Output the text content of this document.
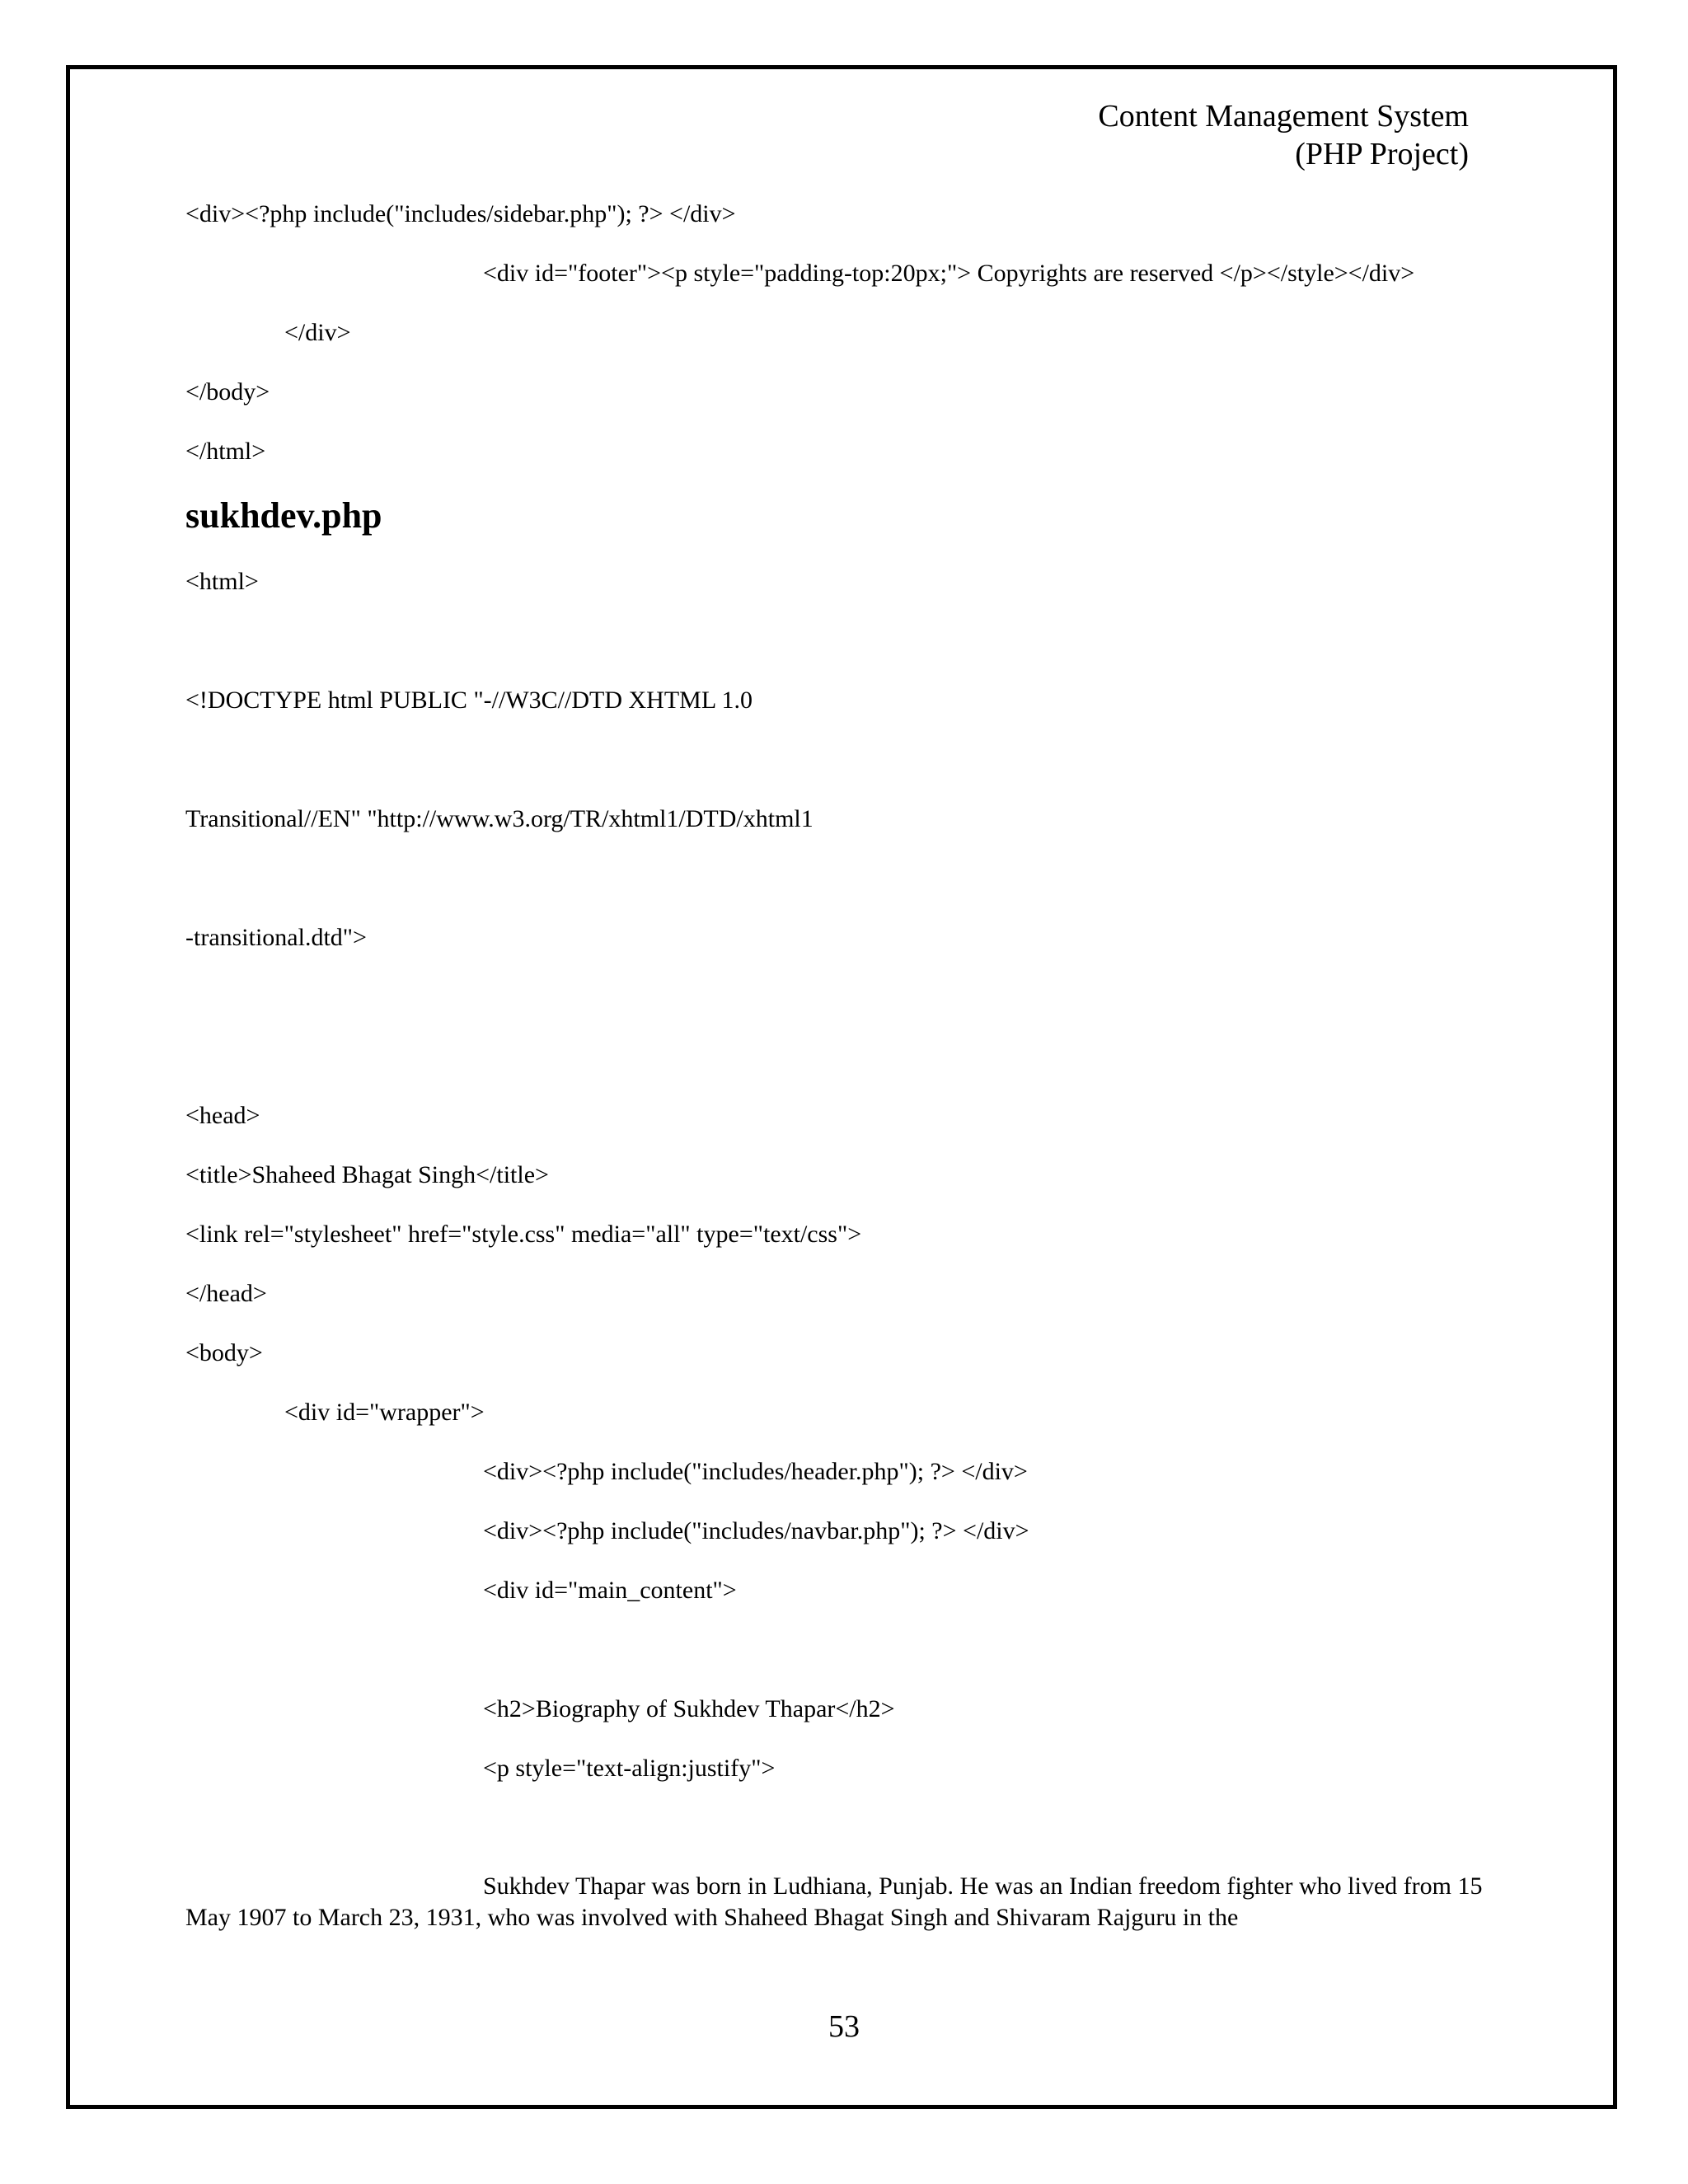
Content Management System
(PHP Project)
<div><?php include("includes/sidebar.php"); ?> </div>
<div id="footer"><p style="padding-top:20px;"> Copyrights are reserved </p></style></div>
</div>
</body>
</html>
sukhdev.php
<html>
<!DOCTYPE html PUBLIC "-//W3C//DTD XHTML 1.0
Transitional//EN" "http://www.w3.org/TR/xhtml1/DTD/xhtml1
-transitional.dtd">
<head>
<title>Shaheed Bhagat Singh</title>
<link rel="stylesheet" href="style.css" media="all" type="text/css">
</head>
<body>
<div id="wrapper">
<div><?php include("includes/header.php"); ?> </div>
<div><?php include("includes/navbar.php"); ?> </div>
<div id="main_content">
<h2>Biography of Sukhdev Thapar</h2>
<p style="text-align:justify">
Sukhdev Thapar was born in Ludhiana, Punjab. He was an Indian freedom fighter who lived from 15 May 1907 to March 23, 1931, who was involved with Shaheed Bhagat Singh and Shivaram Rajguru in the
53
